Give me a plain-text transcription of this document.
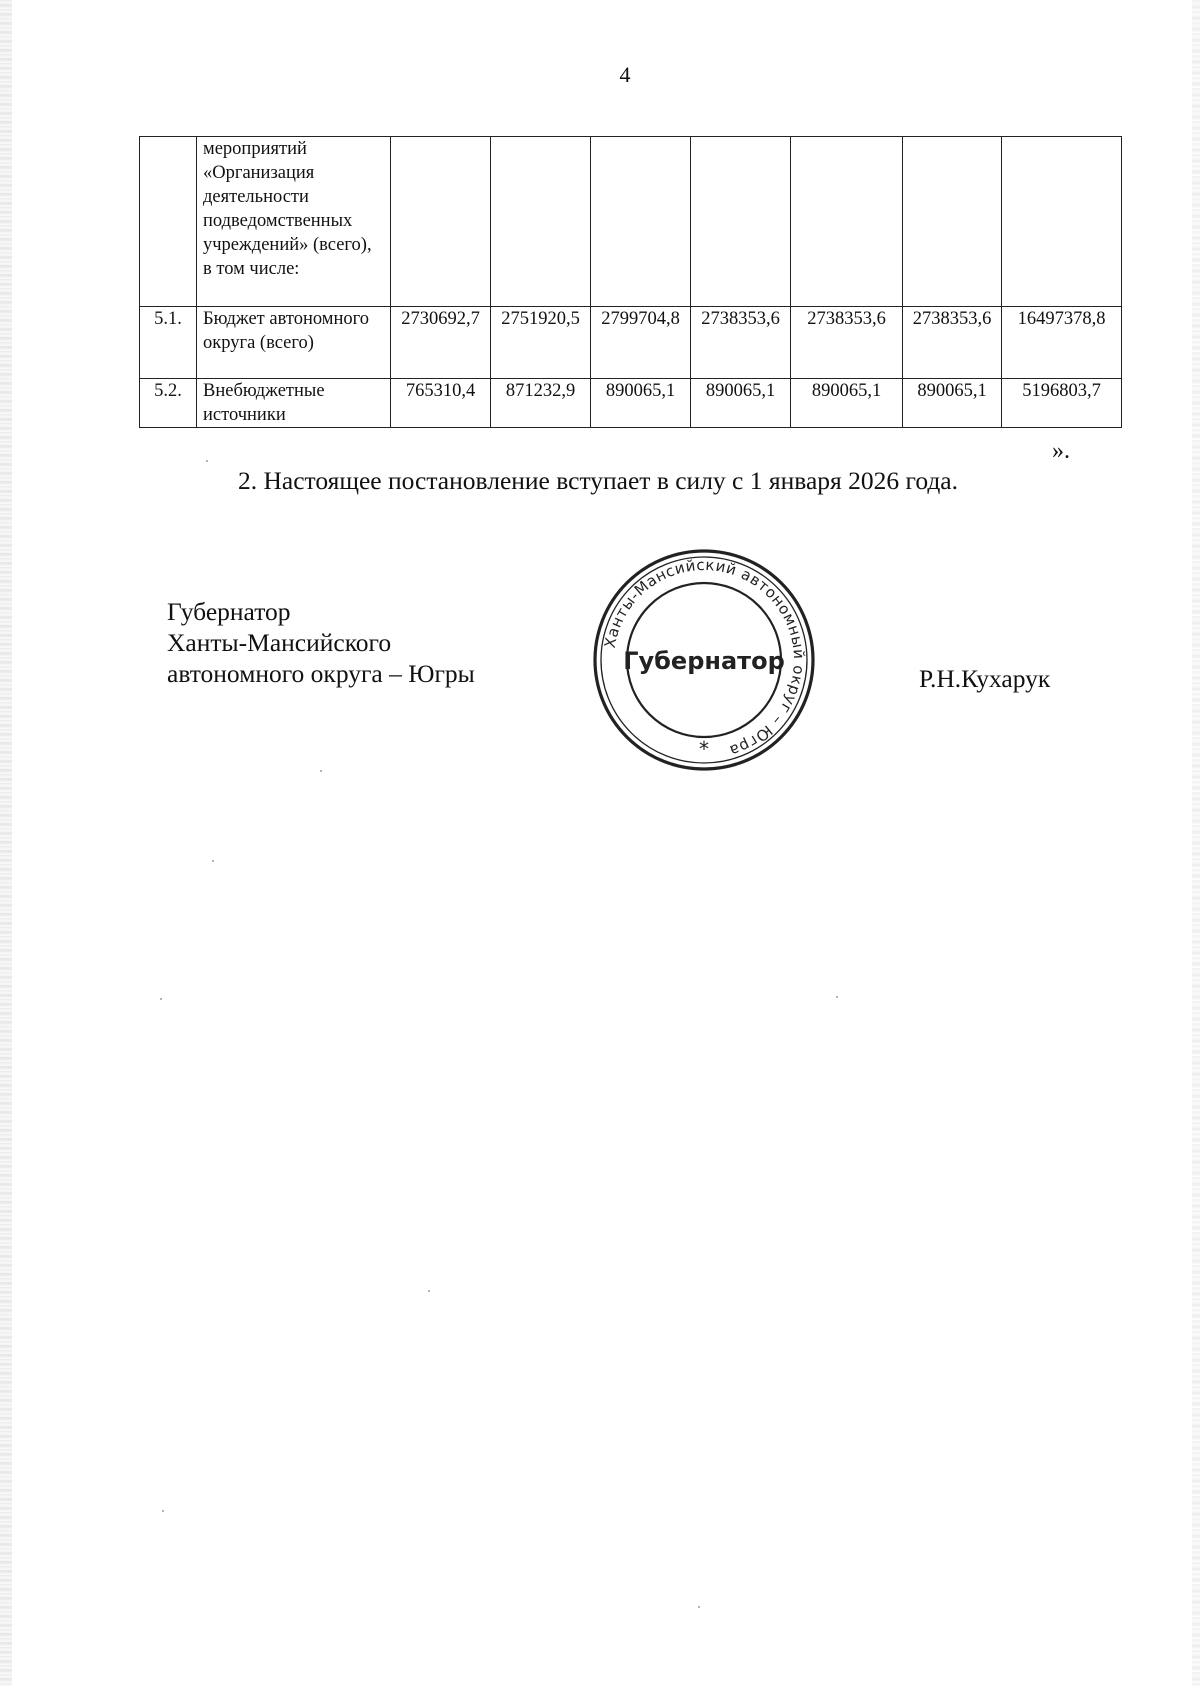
4
	мероприятий «Организация деятельности подведомственных учреждений» (всего), в том числе:							
5.1.	Бюджет автономного округа (всего)	2730692,7	2751920,5	2799704,8	2738353,6	2738353,6	2738353,6	16497378,8
5.2.	Внебюджетные источники	765310,4	871232,9	890065,1	890065,1	890065,1	890065,1	5196803,7
».
2. Настоящее постановление вступает в силу с 1 января 2026 года.
Губернатор
Ханты-Мансийского
автономного округа – Югры	Р.Н.Кухарук
Ханты-Мансийский автономный округ – Югра
Губернатор
*
